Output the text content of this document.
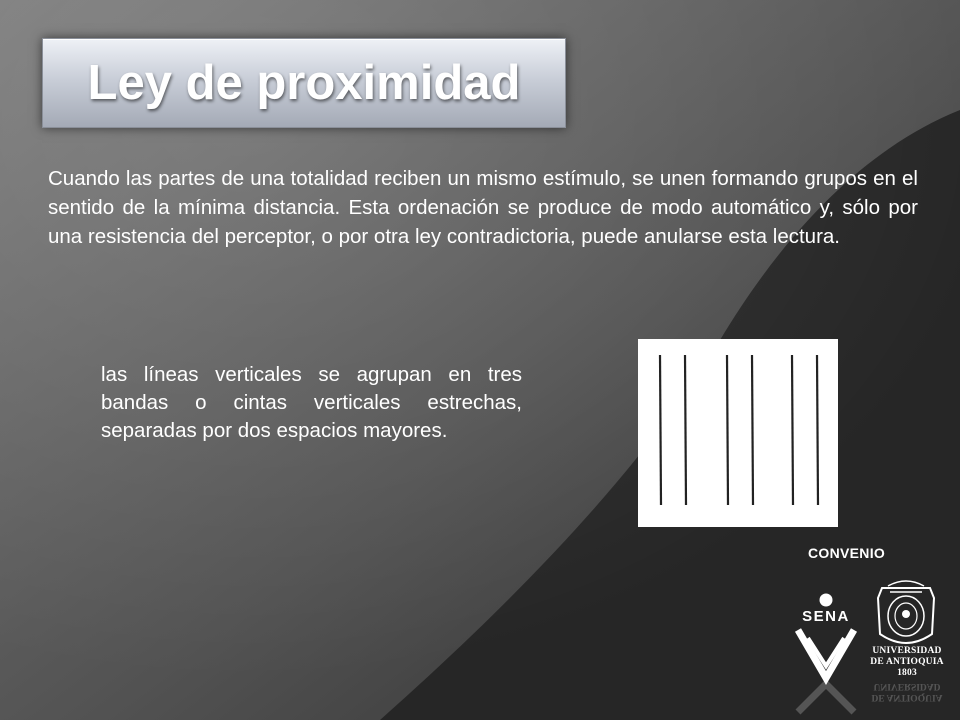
Ley de proximidad

Cuando las partes de una totalidad reciben un mismo estímulo, se unen formando grupos en el sentido de la mínima distancia. Esta ordenación se produce de modo automático y, sólo por una resistencia del perceptor, o por otra ley contradictoria, puede anularse esta lectura.

las líneas verticales se agrupan en tres bandas o cintas verticales estrechas, separadas por dos espacios mayores.

CONVENIO
SENA
UNIVERSIDAD
DE ANTIOQUIA
1803
DE ANTIOQUIA
UNIVERSIDAD
